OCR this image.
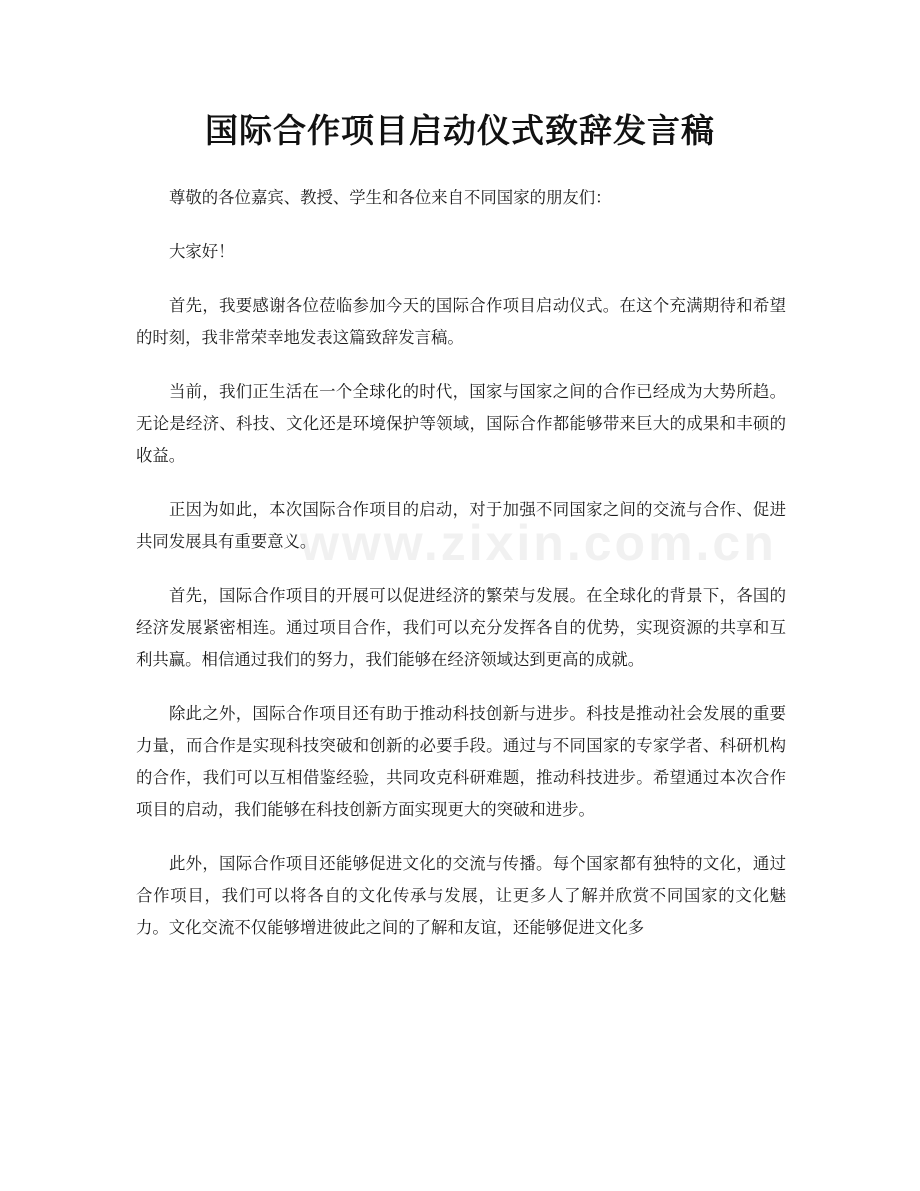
国际合作项目启动仪式致辞发言稿
www.zixin.com.cn

尊敬的各位嘉宾、教授、学生和各位来自不同国家的朋友们：

大家好！

首先，我要感谢各位莅临参加今天的国际合作项目启动仪式。在这个充满期待和希望的时刻，我非常荣幸地发表这篇致辞发言稿。

当前，我们正生活在一个全球化的时代，国家与国家之间的合作已经成为大势所趋。无论是经济、科技、文化还是环境保护等领域，国际合作都能够带来巨大的成果和丰硕的收益。

正因为如此，本次国际合作项目的启动，对于加强不同国家之间的交流与合作、促进共同发展具有重要意义。

首先，国际合作项目的开展可以促进经济的繁荣与发展。在全球化的背景下，各国的经济发展紧密相连。通过项目合作，我们可以充分发挥各自的优势，实现资源的共享和互利共赢。相信通过我们的努力，我们能够在经济领域达到更高的成就。

除此之外，国际合作项目还有助于推动科技创新与进步。科技是推动社会发展的重要力量，而合作是实现科技突破和创新的必要手段。通过与不同国家的专家学者、科研机构的合作，我们可以互相借鉴经验，共同攻克科研难题，推动科技进步。希望通过本次合作项目的启动，我们能够在科技创新方面实现更大的突破和进步。

此外，国际合作项目还能够促进文化的交流与传播。每个国家都有独特的文化，通过合作项目，我们可以将各自的文化传承与发展，让更多人了解并欣赏不同国家的文化魅力。文化交流不仅能够增进彼此之间的了解和友谊，还能够促进文化多
